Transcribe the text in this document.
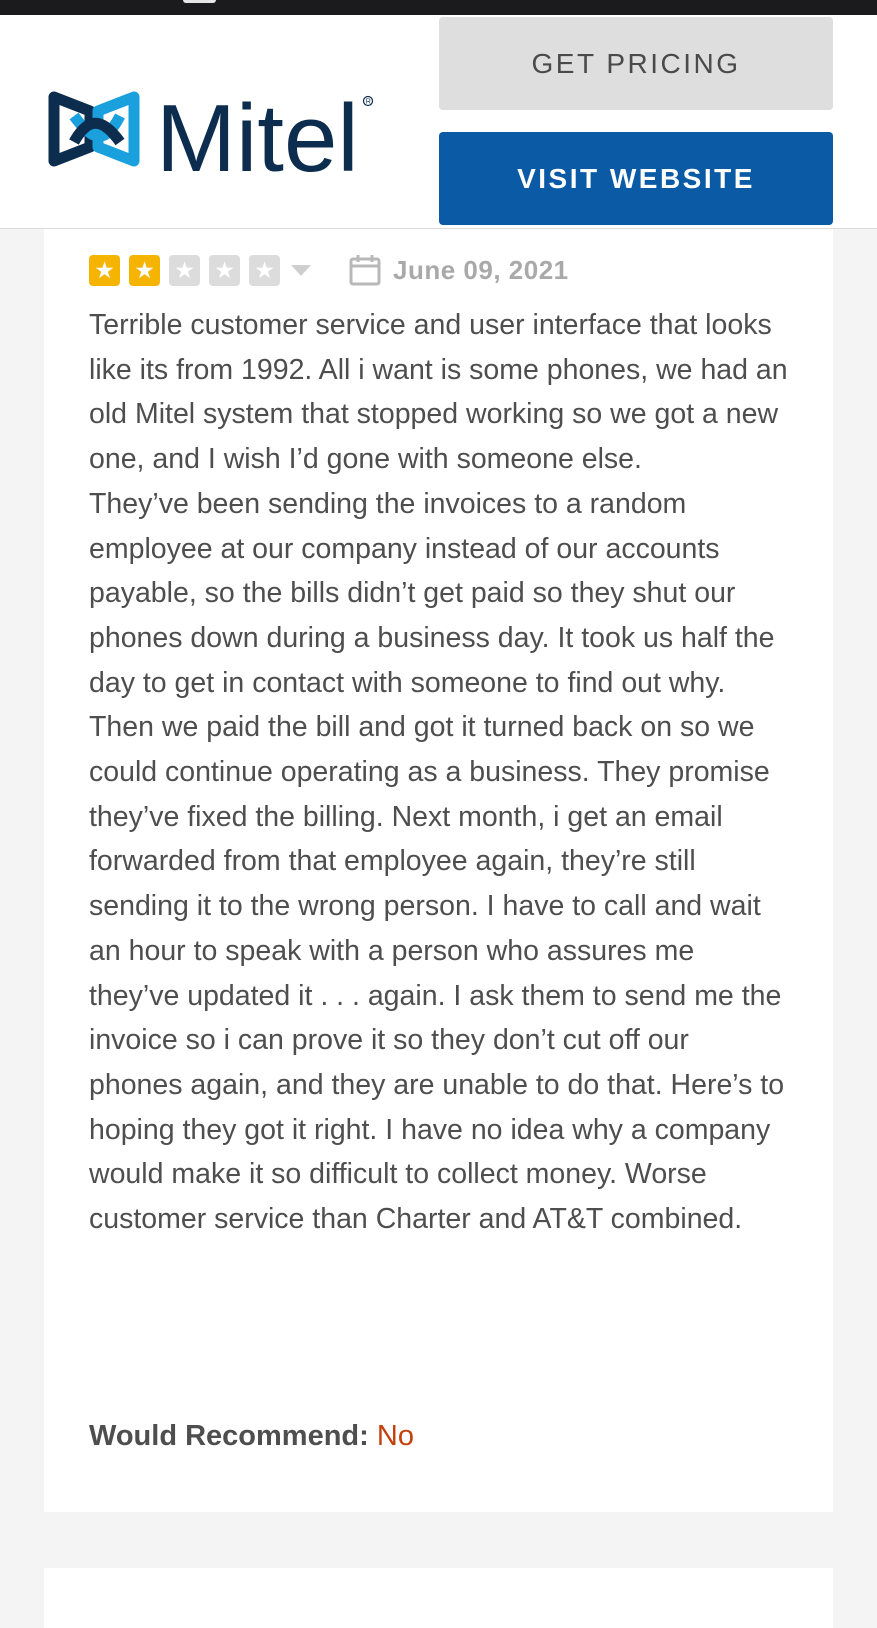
Mitel R
GET PRICING
VISIT WEBSITE
★ ★ ★ ★ ★	June 09, 2021

Terrible customer service and user interface that looks like its from 1992. All i want is some phones, we had an old Mitel system that stopped working so we got a new one, and I wish I’d gone with someone else.

They’ve been sending the invoices to a random employee at our company instead of our accounts payable, so the bills didn’t get paid so they shut our phones down during a business day. It took us half the day to get in contact with someone to find out why. Then we paid the bill and got it turned back on so we could continue operating as a business. They promise they’ve fixed the billing. Next month, i get an email forwarded from that employee again, they’re still sending it to the wrong person. I have to call and wait an hour to speak with a person who assures me they’ve updated it . . . again. I ask them to send me the invoice so i can prove it so they don’t cut off our phones again, and they are unable to do that. Here’s to hoping they got it right. I have no idea why a company would make it so difficult to collect money. Worse customer service than Charter and AT&T combined.

Would Recommend: No
